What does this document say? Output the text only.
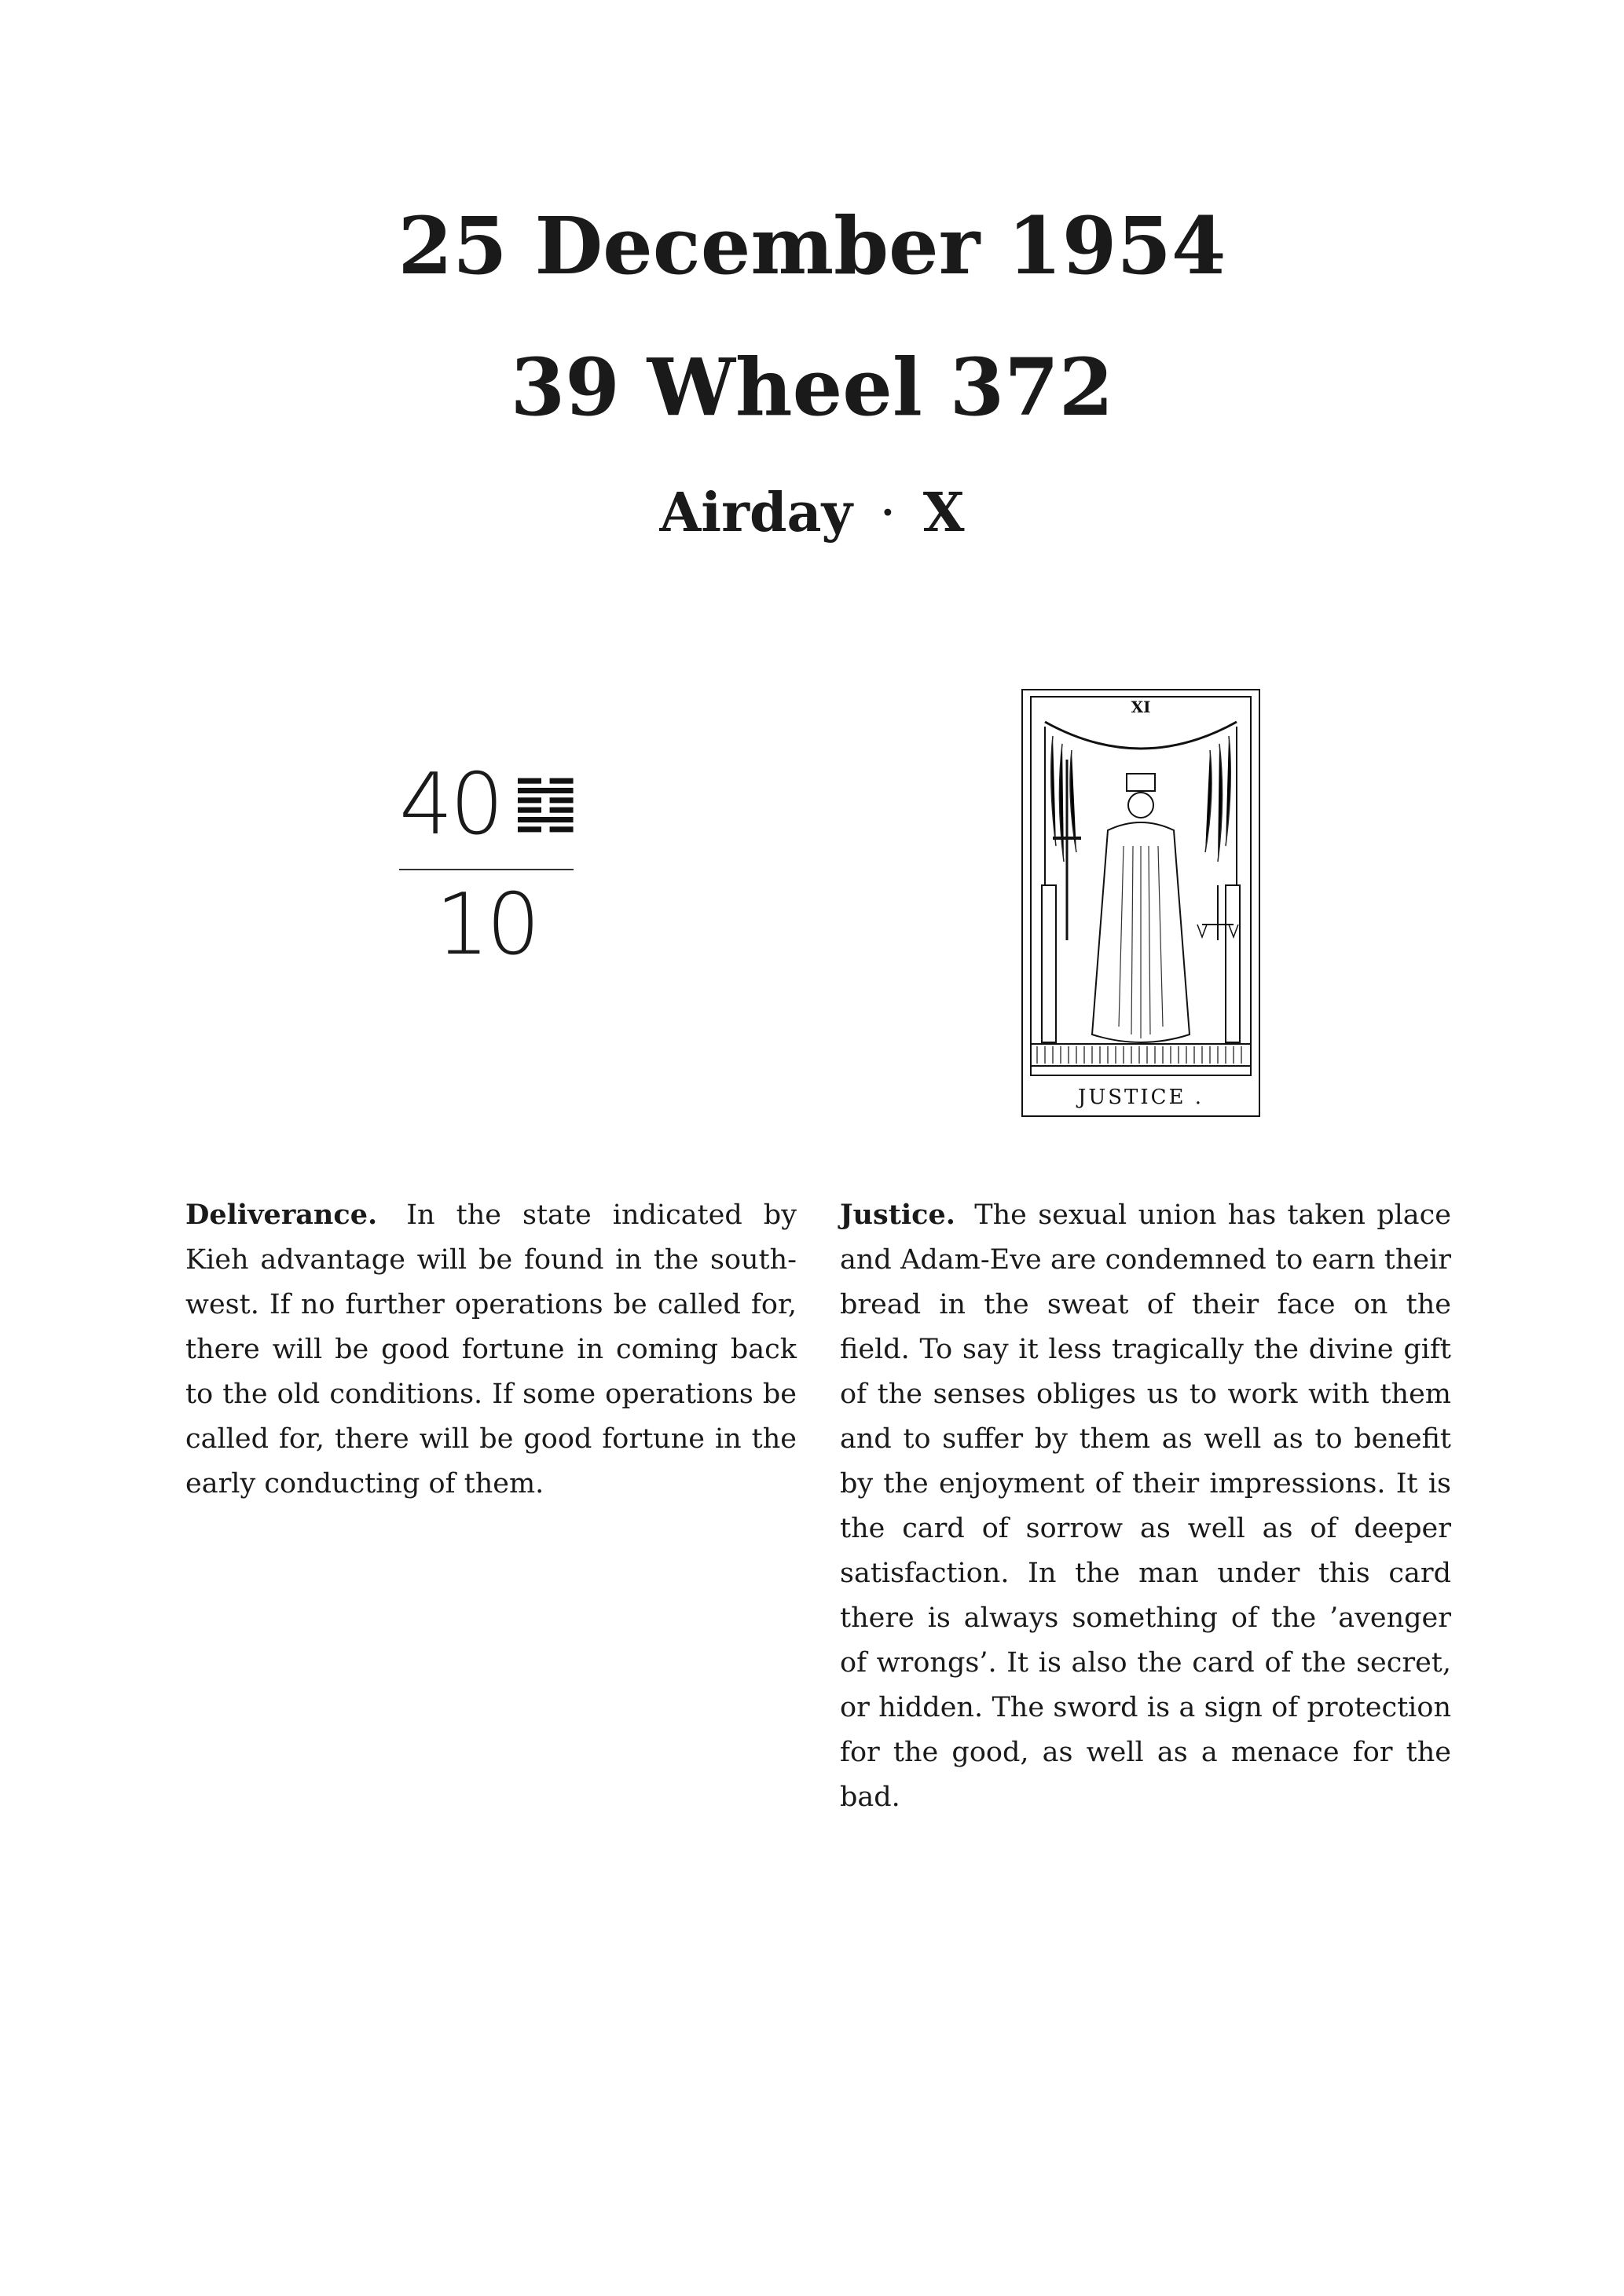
25 December 1954
39 Wheel 372
Airday · X
40
10
XI
JUSTICE .
Deliverance. In the state indicated by Kieh advantage will be found in the south-west. If no further operations be called for, there will be good fortune in coming back to the old conditions. If some operations be called for, there will be good fortune in the early conducting of them.
Justice. The sexual union has taken place and Adam-Eve are condemned to earn their bread in the sweat of their face on the field. To say it less tragically the divine gift of the senses obliges us to work with them and to suffer by them as well as to benefit by the enjoyment of their impressions. It is the card of sorrow as well as of deeper satisfaction. In the man under this card there is always something of the ’avenger of wrongs’. It is also the card of the secret, or hidden. The sword is a sign of protection for the good, as well as a menace for the bad.
